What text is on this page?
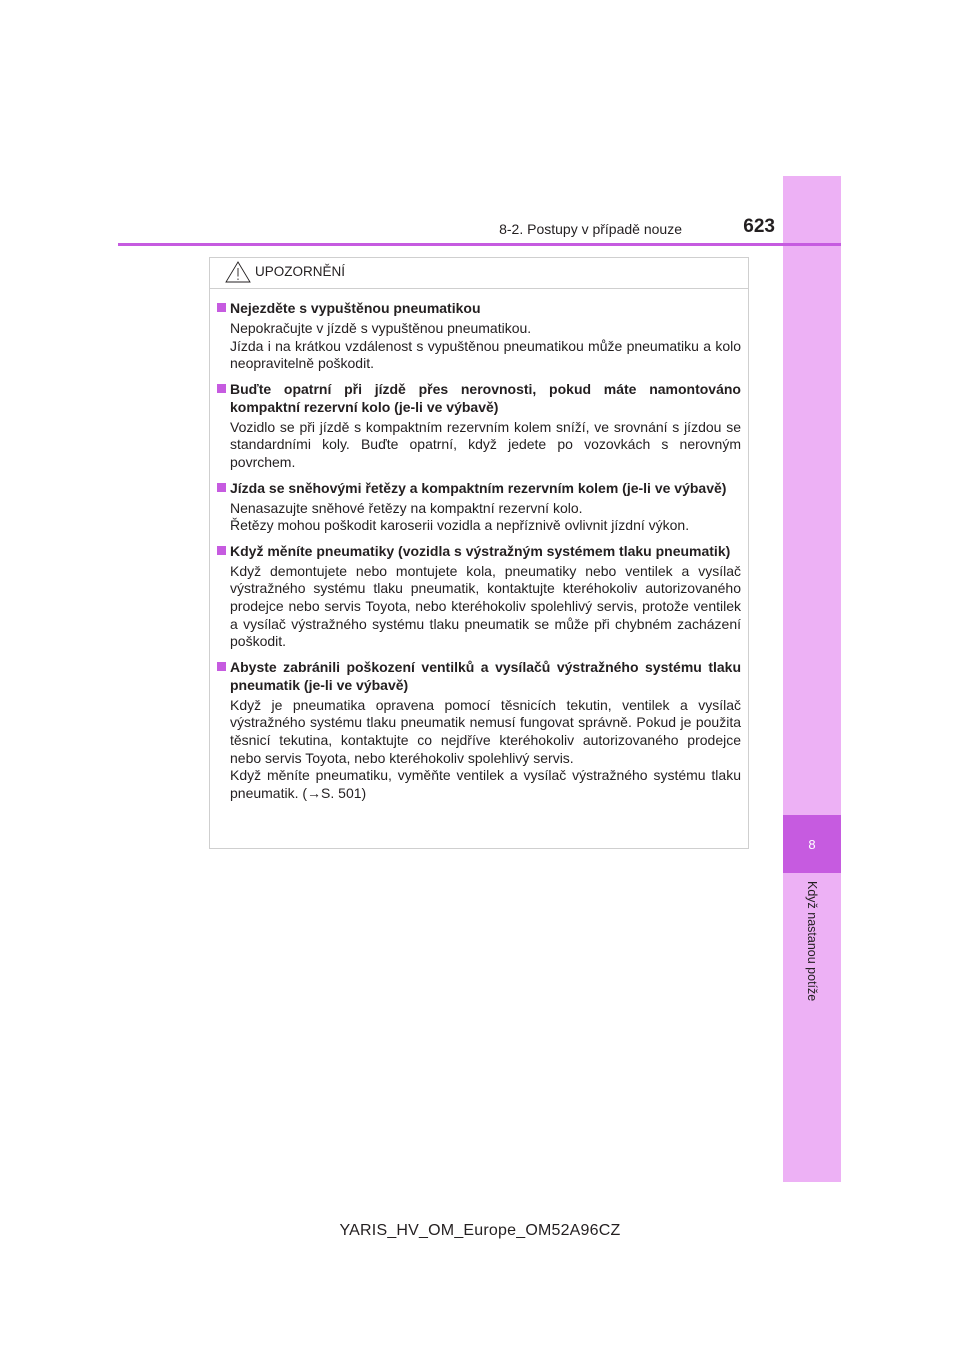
8
Když nastanou potíže
8-2. Postupy v případě nouze	623
UPOZORNĚNÍ
Nejezděte s vypuštěnou pneumatikou

Nepokračujte v jízdě s vypuštěnou pneumatikou.

Jízda i na krátkou vzdálenost s vypuštěnou pneumatikou může pneumatiku a kolo neopravitelně poškodit.

Buďte opatrní při jízdě přes nerovnosti, pokud máte namontováno kompaktní rezervní kolo (je-li ve výbavě)

Vozidlo se při jízdě s kompaktním rezervním kolem sníží, ve srovnání s jízdou se standardními koly. Buďte opatrní, když jedete po vozovkách s nerovným povrchem.

Jízda se sněhovými řetězy a kompaktním rezervním kolem (je-li ve výbavě)

Nenasazujte sněhové řetězy na kompaktní rezervní kolo.

Řetězy mohou poškodit karoserii vozidla a nepříznivě ovlivnit jízdní výkon.

Když měníte pneumatiky (vozidla s výstražným systémem tlaku pneumatik)

Když demontujete nebo montujete kola, pneumatiky nebo ventilek a vysílač výstražného systému tlaku pneumatik, kontaktujte kteréhokoliv autorizovaného prodejce nebo servis Toyota, nebo kteréhokoliv spolehlivý servis, protože ventilek a vysílač výstražného systému tlaku pneumatik se může při chybném zacházení poškodit.

Abyste zabránili poškození ventilků a vysílačů výstražného systému tlaku pneumatik (je-li ve výbavě)

Když je pneumatika opravena pomocí těsnicích tekutin, ventilek a vysílač výstražného systému tlaku pneumatik nemusí fungovat správně. Pokud je použita těsnicí tekutina, kontaktujte co nejdříve kteréhokoliv autorizovaného prodejce nebo servis Toyota, nebo kteréhokoliv spolehlivý servis.

Když měníte pneumatiku, vyměňte ventilek a vysílač výstražného systému tlaku pneumatik. (→S. 501)

YARIS_HV_OM_Europe_OM52A96CZ
